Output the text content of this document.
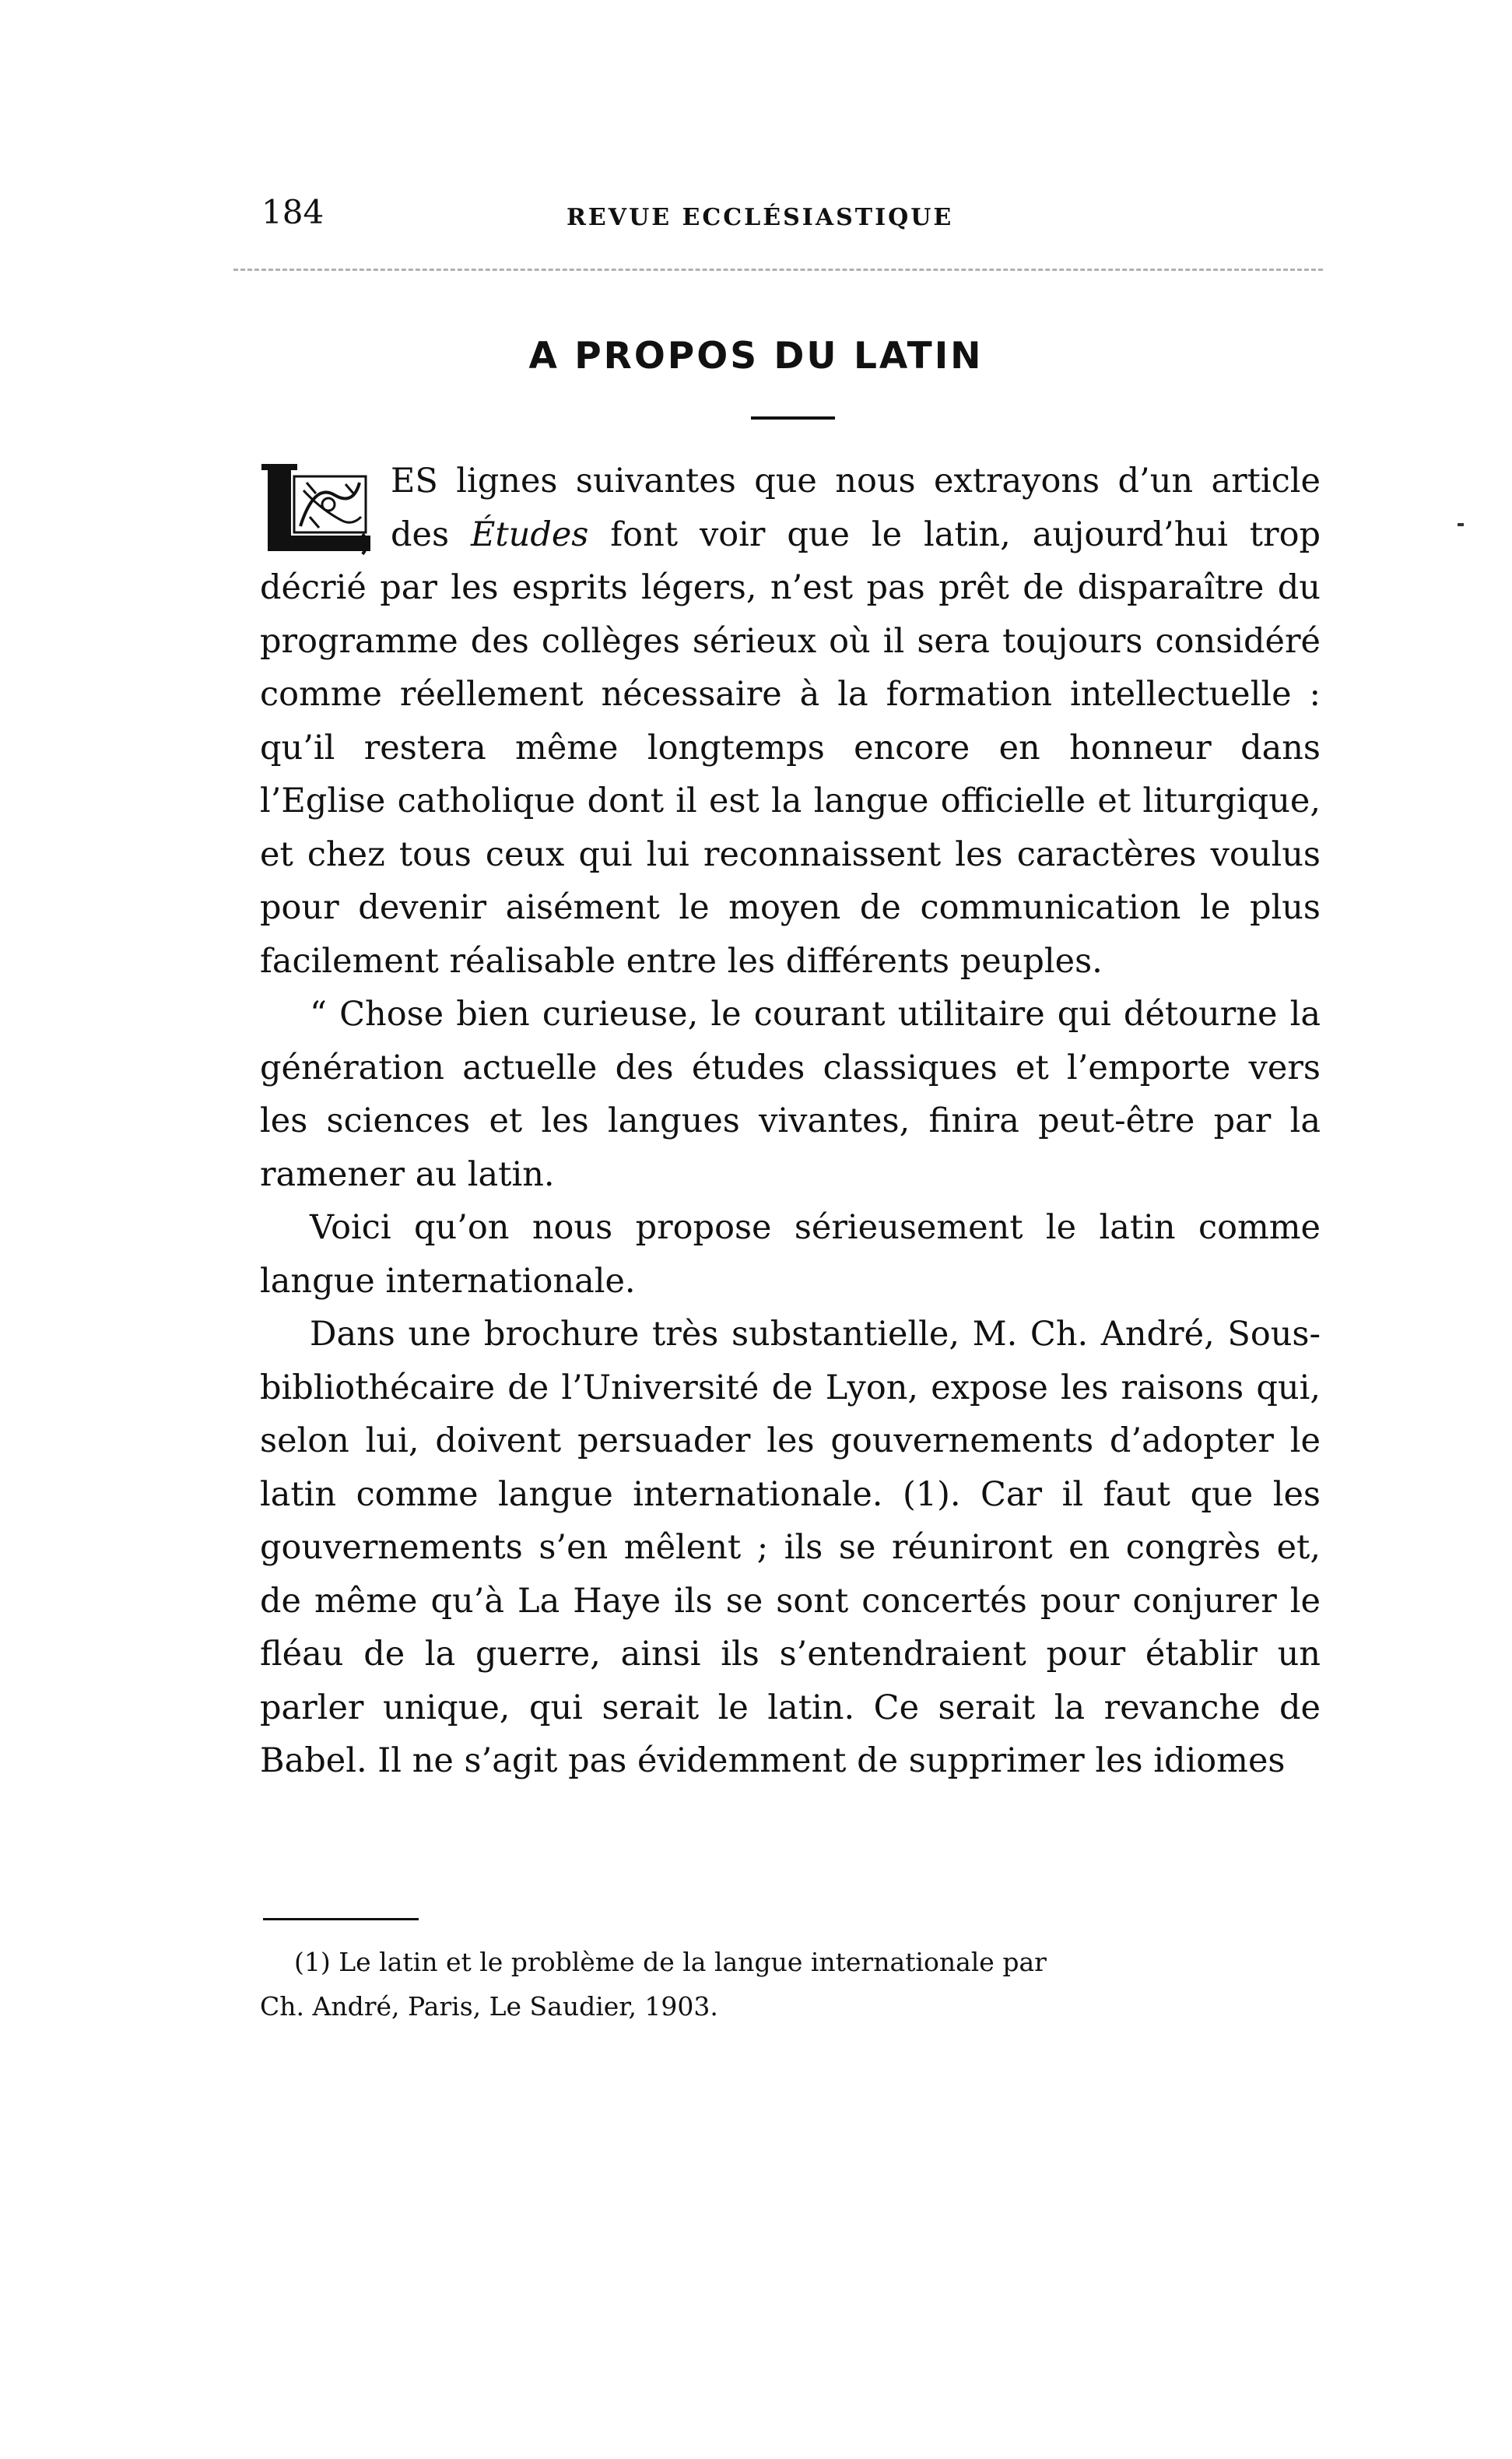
184	REVUE ECCLÉSIASTIQUE
A PROPOS DU LATIN

ES lignes suivantes que nous extrayons d’un article des Études font voir que le latin, aujourd’hui trop décrié par les esprits légers, n’est pas prêt de disparaître du programme des collèges sérieux où il sera toujours considéré comme réellement nécessaire à la formation intellectuelle : qu’il restera même longtemps encore en honneur dans l’Eglise catholique dont il est la langue officielle et liturgique, et chez tous ceux qui lui reconnaissent les caractères voulus pour devenir aisément le moyen de communication le plus facilement réalisable entre les différents peuples.

“ Chose bien curieuse, le courant utilitaire qui détourne la génération actuelle des études classiques et l’emporte vers les sciences et les langues vivantes, finira peut-être par la ramener au latin.

Voici qu’on nous propose sérieusement le latin comme langue internationale.

Dans une brochure très substantielle, M. Ch. André, Sous-bibliothécaire de l’Université de Lyon, expose les raisons qui, selon lui, doivent persuader les gouvernements d’adopter le latin comme langue internationale. (1). Car il faut que les gouvernements s’en mêlent ; ils se réuniront en congrès et, de même qu’à La Haye ils se sont concertés pour conjurer le fléau de la guerre, ainsi ils s’entendraient pour établir un parler unique, qui serait le latin. Ce serait la revanche de Babel. Il ne s’agit pas évidemment de supprimer les idiomes

(1) Le latin et le problème de la langue internationale par
Ch. André, Paris, Le Saudier, 1903.
